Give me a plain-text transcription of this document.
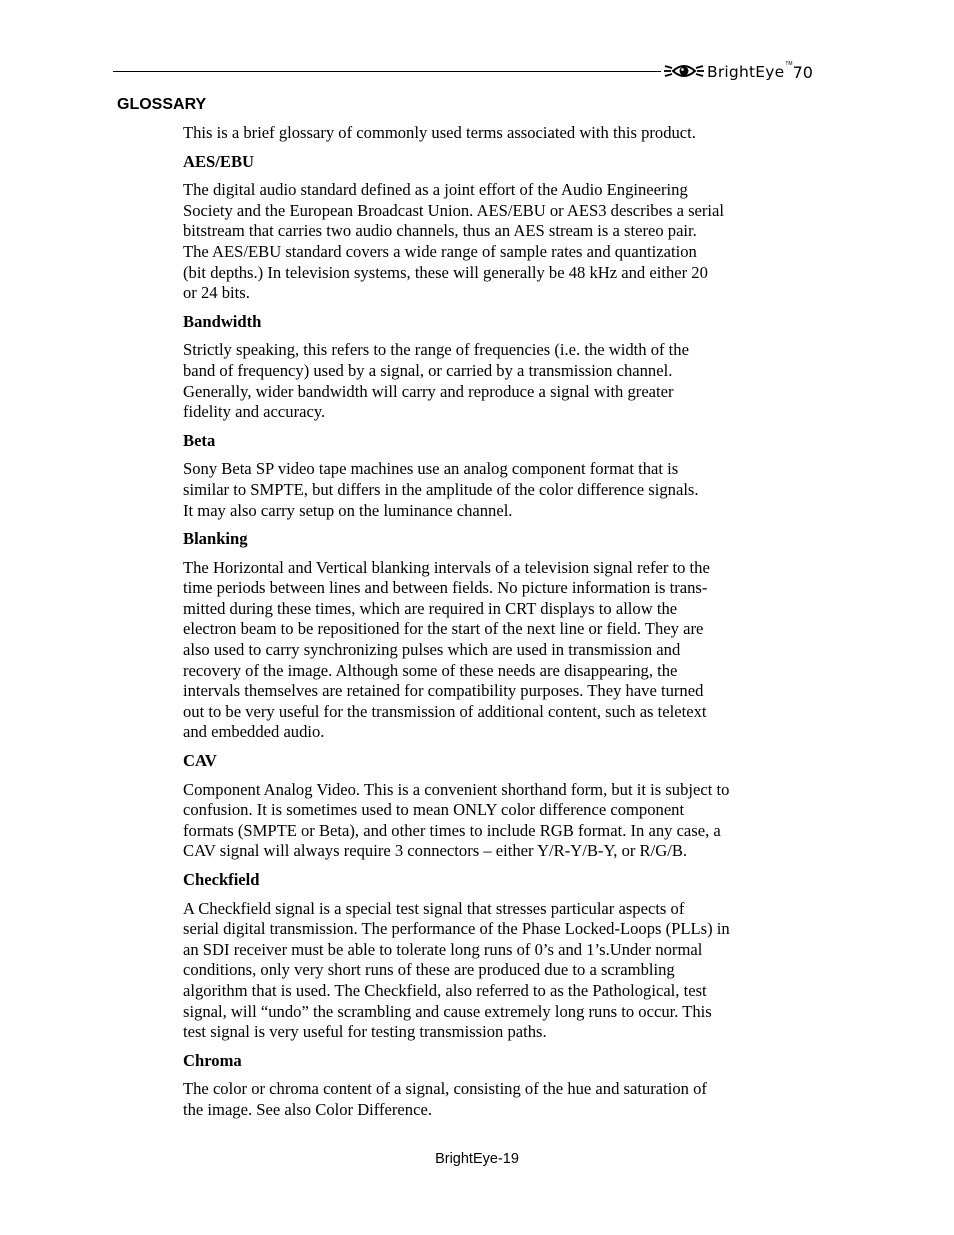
BrightEye TM 70
GLOSSARY

This is a brief glossary of commonly used terms associated with this product.

AES/EBU

The digital audio standard defined as a joint effort of the Audio Engineering
Society and the European Broadcast Union. AES/EBU or AES3 describes a serial
bitstream that carries two audio channels, thus an AES stream is a stereo pair.
The AES/EBU standard covers a wide range of sample rates and quantization
(bit depths.) In television systems, these will generally be 48 kHz and either 20
or 24 bits.

Bandwidth

Strictly speaking, this refers to the range of frequencies (i.e. the width of the
band of frequency) used by a signal, or carried by a transmission channel.
Generally, wider bandwidth will carry and reproduce a signal with greater
fidelity and accuracy.

Beta

Sony Beta SP video tape machines use an analog component format that is
similar to SMPTE, but differs in the amplitude of the color difference signals.
It may also carry setup on the luminance channel.

Blanking

The Horizontal and Vertical blanking intervals of a television signal refer to the
time periods between lines and between fields. No picture information is trans-
mitted during these times, which are required in CRT displays to allow the
electron beam to be repositioned for the start of the next line or field. They are
also used to carry synchronizing pulses which are used in transmission and
recovery of the image. Although some of these needs are disappearing, the
intervals themselves are retained for compatibility purposes. They have turned
out to be very useful for the transmission of additional content, such as teletext
and embedded audio.

CAV

Component Analog Video. This is a convenient shorthand form, but it is subject to
confusion. It is sometimes used to mean ONLY color difference component
formats (SMPTE or Beta), and other times to include RGB format. In any case, a
CAV signal will always require 3 connectors – either Y/R-Y/B-Y, or R/G/B.

Checkfield

A Checkfield signal is a special test signal that stresses particular aspects of
serial digital transmission. The performance of the Phase Locked-Loops (PLLs) in
an SDI receiver must be able to tolerate long runs of 0’s and 1’s.Under normal
conditions, only very short runs of these are produced due to a scrambling
algorithm that is used. The Checkfield, also referred to as the Pathological, test
signal, will “undo” the scrambling and cause extremely long runs to occur. This
test signal is very useful for testing transmission paths.

Chroma

The color or chroma content of a signal, consisting of the hue and saturation of
the image. See also Color Difference.

BrightEye-19
